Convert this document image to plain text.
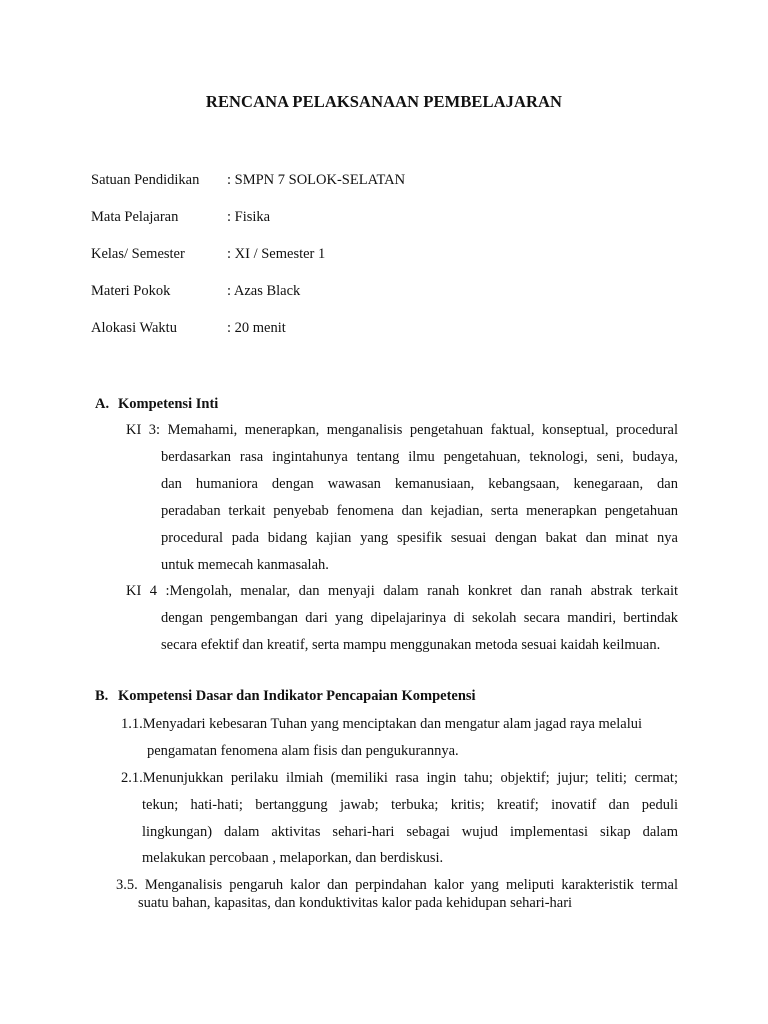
RENCANA PELAKSANAAN PEMBELAJARAN
Satuan Pendidikan : SMPN 7 SOLOK-SELATAN
Mata Pelajaran	: Fisika
Kelas/ Semester	: XI / Semester 1
Materi Pokok	: Azas Black
Alokasi Waktu	: 20 menit
A. Kompetensi Inti
KI 3: Memahami, menerapkan, menganalisis pengetahuan faktual, konseptual, procedural
berdasarkan rasa ingintahunya tentang ilmu pengetahuan, teknologi, seni, budaya,
dan humaniora dengan wawasan kemanusiaan, kebangsaan, kenegaraan, dan
peradaban terkait penyebab fenomena dan kejadian, serta menerapkan pengetahuan
procedural pada bidang kajian yang spesifik sesuai dengan bakat dan minat nya
untuk memecah kanmasalah.
KI 4 :Mengolah, menalar, dan menyaji dalam ranah konkret dan ranah abstrak terkait
dengan pengembangan dari yang dipelajarinya di sekolah secara mandiri, bertindak
secara efektif dan kreatif, serta mampu menggunakan metoda sesuai kaidah keilmuan.
B. Kompetensi Dasar dan Indikator Pencapaian Kompetensi
1.1.Menyadari kebesaran Tuhan yang menciptakan dan mengatur alam jagad raya melalui
pengamatan fenomena alam fisis dan pengukurannya.
2.1.Menunjukkan perilaku ilmiah (memiliki rasa ingin tahu; objektif; jujur; teliti; cermat;
tekun; hati-hati; bertanggung jawab; terbuka; kritis; kreatif; inovatif dan peduli
lingkungan) dalam aktivitas sehari-hari sebagai wujud implementasi sikap dalam
melakukan percobaan , melaporkan, dan berdiskusi.
3.5. Menganalisis pengaruh kalor dan perpindahan kalor yang meliputi karakteristik termal
suatu bahan, kapasitas, dan konduktivitas kalor pada kehidupan sehari-hari
